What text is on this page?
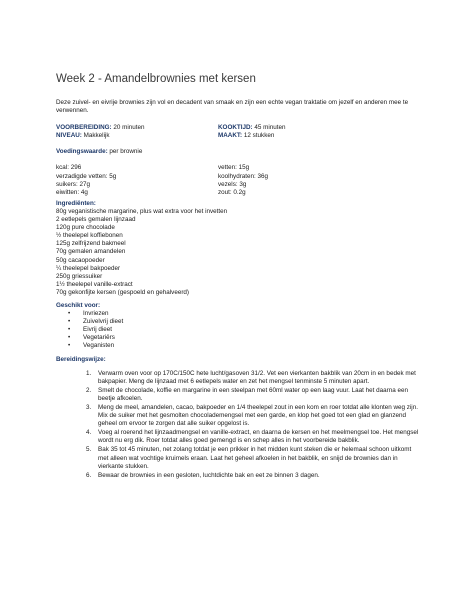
Week 2 - Amandelbrownies met kersen

Deze zuivel- en eivrije brownies zijn vol en decadent van smaak en zijn een echte vegan traktatie om jezelf en anderen mee te verwennen.

VOORBEREIDING: 20 minuten	KOOKTIJD: 45 minuten
NIVEAU: Makkelijk	MAAKT: 12 stukken
Voedingswaarde: per brownie
kcal: 296	vetten: 15g
verzadigde vetten: 5g	koolhydraten: 36g
suikers: 27g	vezels: 3g
eiwitten: 4g	zout: 0.2g
Ingrediënten:
80g veganistische margarine, plus wat extra voor het invetten
2 eetlepels gemalen lijnzaad
120g pure chocolade
½ theelepel koffiebonen
125g zelfrijzend bakmeel
70g gemalen amandelen
50g cacaopoeder
¼ theelepel bakpoeder
250g griessuiker
1½ theelepel vanille-extract
70g gekonfijte kersen (gespoeld en gehalveerd)
Geschikt voor:
• Invriezen
• Zuivelvrij dieet
• Eivrij dieet
• Vegetariërs
• Veganisten
Bereidingswijze:
1. Verwarm oven voor op 170C/150C hete lucht/gasoven 31/2. Vet een vierkanten bakblik van 20cm in en bedek met bakpapier. Meng de lijnzaad met 6 eetlepels water en zet het mengsel tenminste 5 minuten apart.
2. Smelt de chocolade, koffie en margarine in een steelpan met 60ml water op een laag vuur. Laat het daarna een beetje afkoelen.
3. Meng de meel, amandelen, cacao, bakpoeder en 1/4 theelepel zout in een kom en roer totdat alle klonten weg zijn. Mix de suiker met het gesmolten chocolademengsel met een garde, en klop het goed tot een glad en glanzend geheel om ervoor te zorgen dat alle suiker opgelost is.
4. Voeg al roerend het lijnzaadmengsel en vanille-extract, en daarna de kersen en het meelmengsel toe. Het mengsel wordt nu erg dik. Roer totdat alles goed gemengd is en schep alles in het voorbereide bakblik.
5. Bak 35 tot 45 minuten, net zolang totdat je een prikker in het midden kunt steken die er helemaal schoon uitkomt met alleen wat vochtige kruimels eraan. Laat het geheel afkoelen in het bakblik, en snijd de brownies dan in vierkante stukken.
6. Bewaar de brownies in een gesloten, luchtdichte bak en eet ze binnen 3 dagen.
